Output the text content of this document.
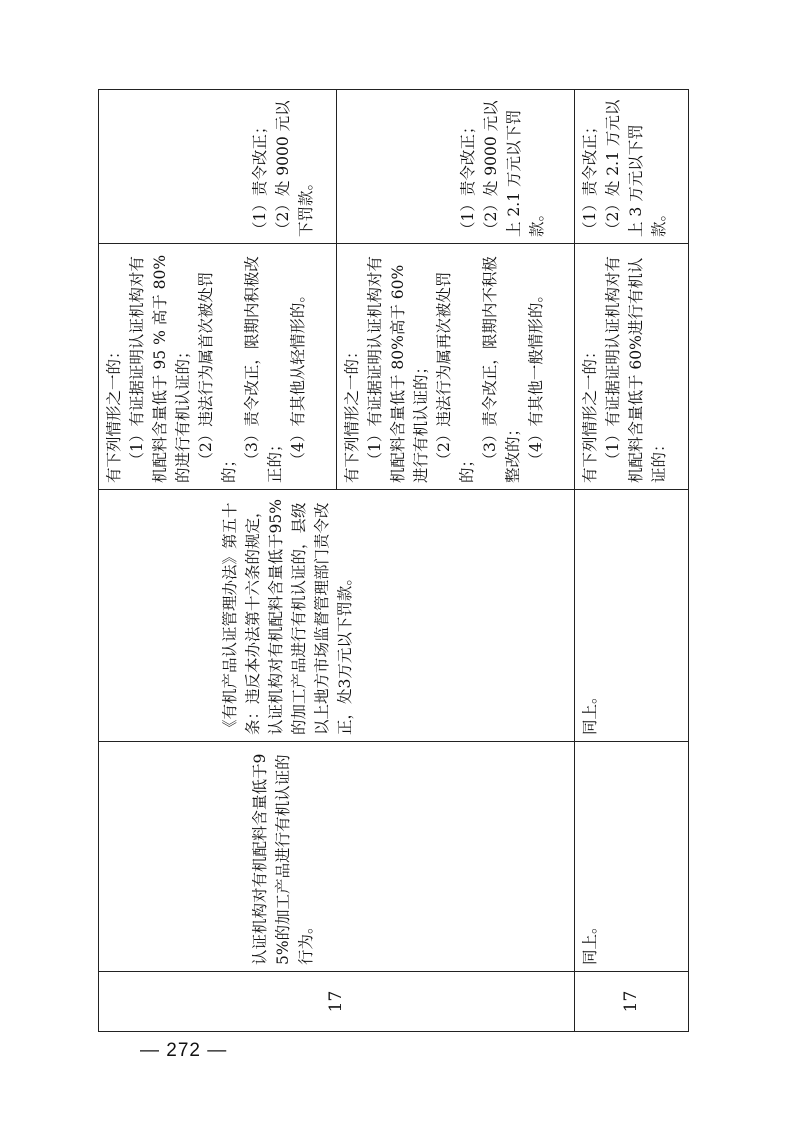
17	认证机构对有机配料含量低于95%的加工产品进行有机认证的行为。	《有机产品认证管理办法》第五十条：违反本办法第十六条的规定，认证机构对有机配料含量低于95%的加工产品进行有机认证的，县级以上地方市场监督管理部门责令改正，处3万元以下罚款。	有下列情形之一的： （1）有证据证明认证机构对有机配料含量低于 95 % 高于 80%的进行有机认证的； （2）违法行为属首次被处罚的； （3）责令改正，限期内积极改正的； （4）有其他从轻情形的。	（1）责令改正； （2）处 9000 元以下罚款。

			有下列情形之一的： （1）有证据证明认证机构对有机配料含量低于 80%高于 60%进行有机认证的； （2）违法行为属再次被处罚的； （3）责令改正，限期内不积极整改的； （4）有其他一般情形的。	（1）责令改正； （2）处 9000 元以上 2.1 万元以下罚款。

17	同上。	同上。	有下列情形之一的： （1）有证据证明认证机构对有机配料含量低于 60%进行有机认证的：	（1）责令改正； （2）处 2.1 万元以上 3 万元以下罚款。
— 272 —
